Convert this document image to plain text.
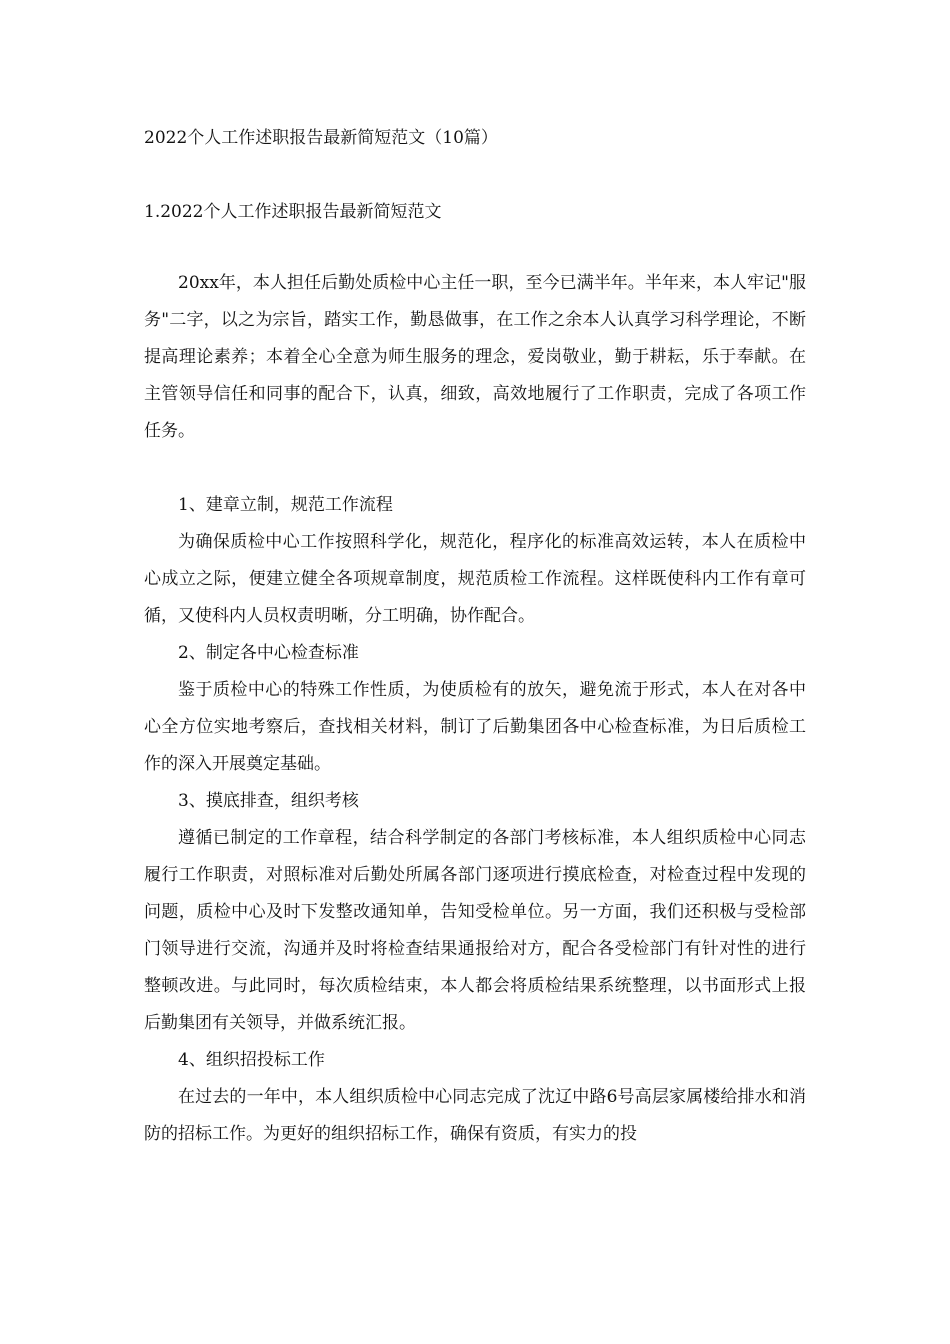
2022个人工作述职报告最新简短范文（10篇）
1.2022个人工作述职报告最新简短范文

20xx年，本人担任后勤处质检中心主任一职，至今已满半年。半年来，本人牢记"服务"二字，以之为宗旨，踏实工作，勤恳做事，在工作之余本人认真学习科学理论，不断提高理论素养；本着全心全意为师生服务的理念，爱岗敬业，勤于耕耘，乐于奉献。在主管领导信任和同事的配合下，认真，细致，高效地履行了工作职责，完成了各项工作任务。

1、建章立制，规范工作流程

为确保质检中心工作按照科学化，规范化，程序化的标准高效运转，本人在质检中心成立之际，便建立健全各项规章制度，规范质检工作流程。这样既使科内工作有章可循，又使科内人员权责明晰，分工明确，协作配合。

2、制定各中心检查标准

鉴于质检中心的特殊工作性质，为使质检有的放矢，避免流于形式，本人在对各中心全方位实地考察后，查找相关材料，制订了后勤集团各中心检查标准，为日后质检工作的深入开展奠定基础。

3、摸底排查，组织考核

遵循已制定的工作章程，结合科学制定的各部门考核标准，本人组织质检中心同志履行工作职责，对照标准对后勤处所属各部门逐项进行摸底检查，对检查过程中发现的问题，质检中心及时下发整改通知单，告知受检单位。另一方面，我们还积极与受检部门领导进行交流，沟通并及时将检查结果通报给对方，配合各受检部门有针对性的进行整顿改进。与此同时，每次质检结束，本人都会将质检结果系统整理，以书面形式上报后勤集团有关领导，并做系统汇报。

4、组织招投标工作

在过去的一年中，本人组织质检中心同志完成了沈辽中路6号高层家属楼给排水和消防的招标工作。为更好的组织招标工作，确保有资质，有实力的投
